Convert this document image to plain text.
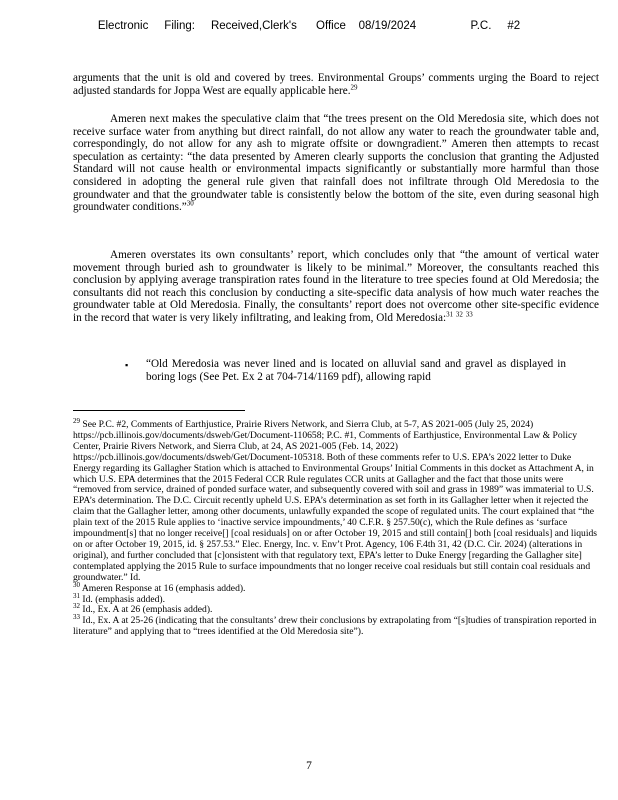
Electronic     Filing:     Received,Clerk's      Office    08/19/2024                 P.C.     #2
arguments that the unit is old and covered by trees. Environmental Groups’ comments urging the Board to reject adjusted standards for Joppa West are equally applicable here.$^{29}$
Ameren next makes the speculative claim that “the trees present on the Old Meredosia site, which does not receive surface water from anything but direct rainfall, do not allow any water to reach the groundwater table and, correspondingly, do not allow for any ash to migrate offsite or downgradient.” Ameren then attempts to recast speculation as certainty: “the data presented by Ameren clearly supports the conclusion that granting the Adjusted Standard will not cause health or environmental impacts significantly or substantially more harmful than those considered in adopting the general rule given that rainfall does not infiltrate through Old Meredosia to the groundwater and that the groundwater table is consistently below the bottom of the site, even during seasonal high groundwater conditions.”$^{30}$
Ameren overstates its own consultants’ report, which concludes only that “the amount of vertical water movement through buried ash to groundwater is likely to be minimal.” Moreover, the consultants reached this conclusion by applying average transpiration rates found in the literature to tree species found at Old Meredosia; the consultants did not reach this conclusion by conducting a site-specific data analysis of how much water reaches the groundwater table at Old Meredosia. Finally, the consultants’ report does not overcome other site-specific evidence in the record that water is very likely infiltrating, and leaking from, Old Meredosia:$^{31}$ $^{32}$ $^{33}$
▪ “Old Meredosia was never lined and is located on alluvial sand and gravel as displayed in boring logs (See Pet. Ex 2 at 704-714/1169 pdf), allowing rapid

$^{29}$ See P.C. #2, Comments of Earthjustice, Prairie Rivers Network, and Sierra Club, at 5-7, AS 2021-005 (July 25, 2024) https://pcb.illinois.gov/documents/dsweb/Get/Document-110658; P.C. #1, Comments of Earthjustice, Environmental Law & Policy Center, Prairie Rivers Network, and Sierra Club, at 24, AS 2021-005 (Feb. 14, 2022) https://pcb.illinois.gov/documents/dsweb/Get/Document-105318. Both of these comments refer to U.S. EPA’s 2022 letter to Duke Energy regarding its Gallagher Station which is attached to Environmental Groups’ Initial Comments in this docket as Attachment A, in which U.S. EPA determines that the 2015 Federal CCR Rule regulates CCR units at Gallagher and the fact that those units were “removed from service, drained of ponded surface water, and subsequently covered with soil and grass in 1989” was immaterial to U.S. EPA’s determination. The D.C. Circuit recently upheld U.S. EPA’s determination as set forth in its Gallagher letter when it rejected the claim that the Gallagher letter, among other documents, unlawfully expanded the scope of regulated units. The court explained that “the plain text of the 2015 Rule applies to ‘inactive service impoundments,’ 40 C.F.R. § 257.50(c), which the Rule defines as ‘surface impoundment[s] that no longer receive[] [coal residuals] on or after October 19, 2015 and still contain[] both [coal residuals] and liquids on or after October 19, 2015, id. § 257.53.” Elec. Energy, Inc. v. Env’t Prot. Agency, 106 F.4th 31, 42 (D.C. Cir. 2024) (alterations in original), and further concluded that [c]onsistent with that regulatory text, EPA’s letter to Duke Energy [regarding the Gallagher site] contemplated applying the 2015 Rule to surface impoundments that no longer receive coal residuals but still contain coal residuals and groundwater.” Id.

$^{30}$ Ameren Response at 16 (emphasis added).

$^{31}$ Id. (emphasis added).

$^{32}$ Id., Ex. A at 26 (emphasis added).

$^{33}$ Id., Ex. A at 25-26 (indicating that the consultants’ drew their conclusions by extrapolating from “[s]tudies of transpiration reported in literature” and applying that to “trees identified at the Old Meredosia site”).

7
